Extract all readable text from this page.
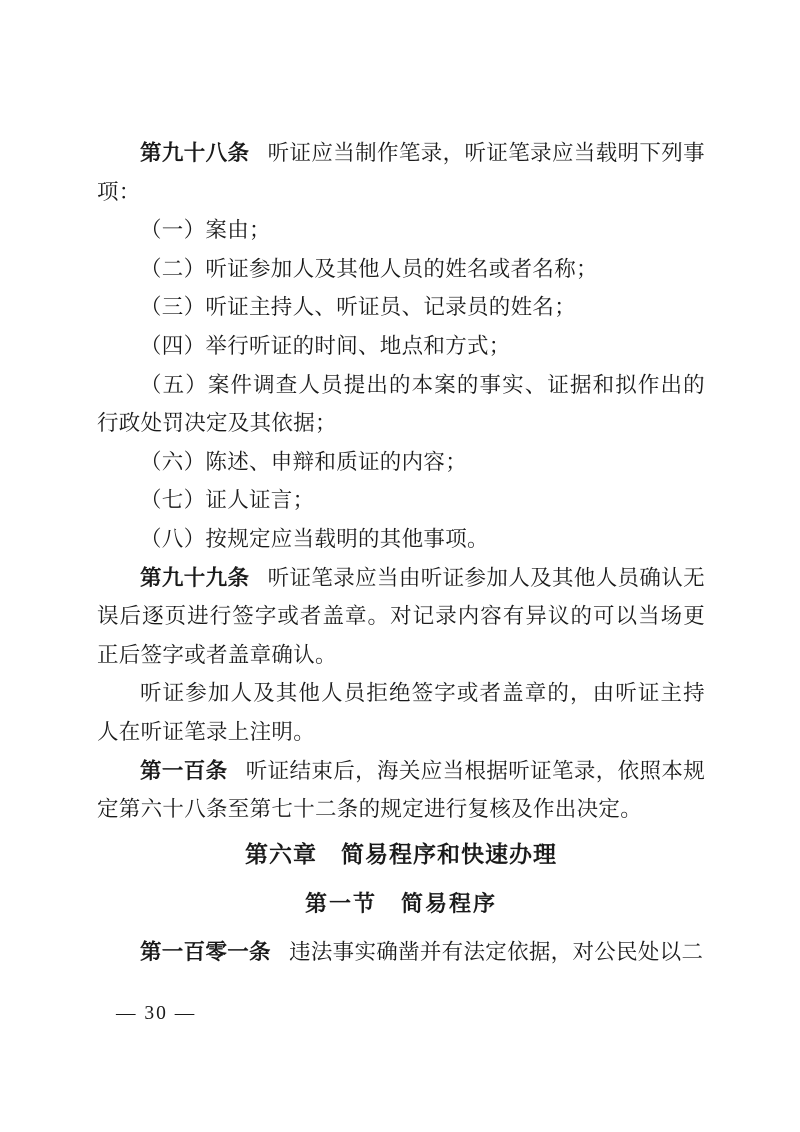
第九十八条 听证应当制作笔录，听证笔录应当载明下列事项：

（一）案由；

（二）听证参加人及其他人员的姓名或者名称；

（三）听证主持人、听证员、记录员的姓名；

（四）举行听证的时间、地点和方式；

（五）案件调查人员提出的本案的事实、证据和拟作出的行政处罚决定及其依据；

（六）陈述、申辩和质证的内容；

（七）证人证言；

（八）按规定应当载明的其他事项。

第九十九条 听证笔录应当由听证参加人及其他人员确认无误后逐页进行签字或者盖章。对记录内容有异议的可以当场更正后签字或者盖章确认。

听证参加人及其他人员拒绝签字或者盖章的，由听证主持人在听证笔录上注明。

第一百条 听证结束后，海关应当根据听证笔录，依照本规定第六十八条至第七十二条的规定进行复核及作出决定。

第六章　简易程序和快速办理

第一节　简易程序

第一百零一条 违法事实确凿并有法定依据，对公民处以二

— 30 —
